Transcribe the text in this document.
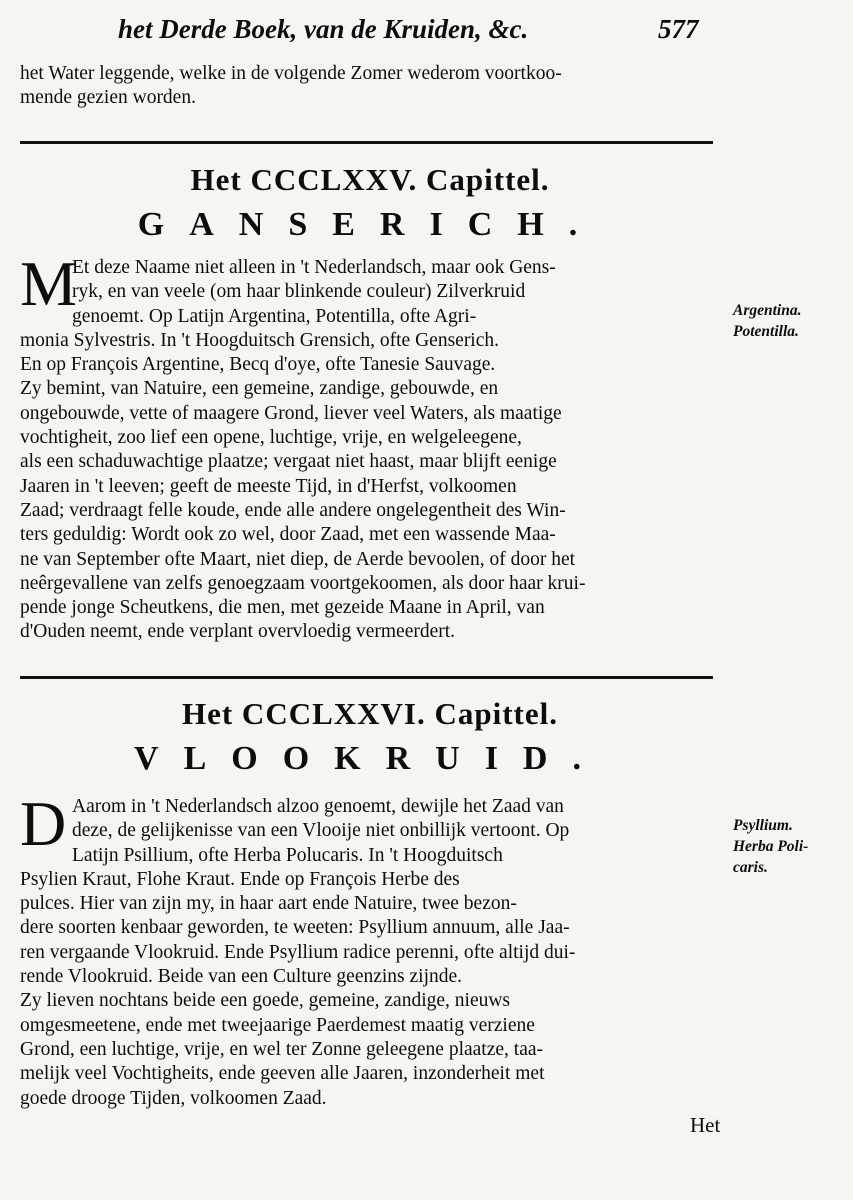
het Derde Boek, van de Kruiden, &c.	577
het Water leggende, welke in de volgende Zomer wederom voortkoo-
mende gezien worden.
Het CCCLXXV. Capittel.
GANSERICH.
M
Et deze Naame niet alleen in 't Nederlandsch, maar ook Gens-
ryk, en van veele (om haar blinkende couleur) Zilverkruid
genoemt. Op Latijn Argentina, Potentilla, ofte Agri-
monia Sylvestris. In 't Hoogduitsch Grensich, ofte Genserich.
En op François Argentine, Becq d'oye, ofte Tanesie Sauvage.
Zy bemint, van Natuire, een gemeine, zandige, gebouwde, en
ongebouwde, vette of maagere Grond, liever veel Waters, als maatige
vochtigheit, zoo lief een opene, luchtige, vrije, en welgeleegene,
als een schaduwachtige plaatze; vergaat niet haast, maar blijft eenige
Jaaren in 't leeven; geeft de meeste Tijd, in d'Herfst, volkoomen
Zaad; verdraagt felle koude, ende alle andere ongelegentheit des Win-
ters geduldig: Wordt ook zo wel, door Zaad, met een wassende Maa-
ne van September ofte Maart, niet diep, de Aerde bevoolen, of door het
neêrgevallene van zelfs genoegzaam voortgekoomen, als door haar krui-
pende jonge Scheutkens, die men, met gezeide Maane in April, van
d'Ouden neemt, ende verplant overvloedig vermeerdert.
Argentina.
Potentilla.
Het CCCLXXVI. Capittel.
VLOOKRUID.
D Aarom in 't Nederlandsch alzoo genoemt, dewijle het Zaad van
deze, de gelijkenisse van een Vlooije niet onbillijk vertoont. Op
Latijn Psillium, ofte Herba Polucaris. In 't Hoogduitsch
Psylien Kraut, Flohe Kraut. Ende op François Herbe des
pulces. Hier van zijn my, in haar aart ende Natuire, twee bezon-
dere soorten kenbaar geworden, te weeten: Psyllium annuum, alle Jaa-
ren vergaande Vlookruid. Ende Psyllium radice perenni, ofte altijd dui-
rende Vlookruid. Beide van een Culture geenzins zijnde.
Zy lieven nochtans beide een goede, gemeine, zandige, nieuws
omgesmeetene, ende met tweejaarige Paerdemest maatig verziene
Grond, een luchtige, vrije, en wel ter Zonne geleegene plaatze, taa-
melijk veel Vochtigheits, ende geeven alle Jaaren, inzonderheit met
goede drooge Tijden, volkoomen Zaad.
Psyllium.
Herba Poli-
caris.
Het
